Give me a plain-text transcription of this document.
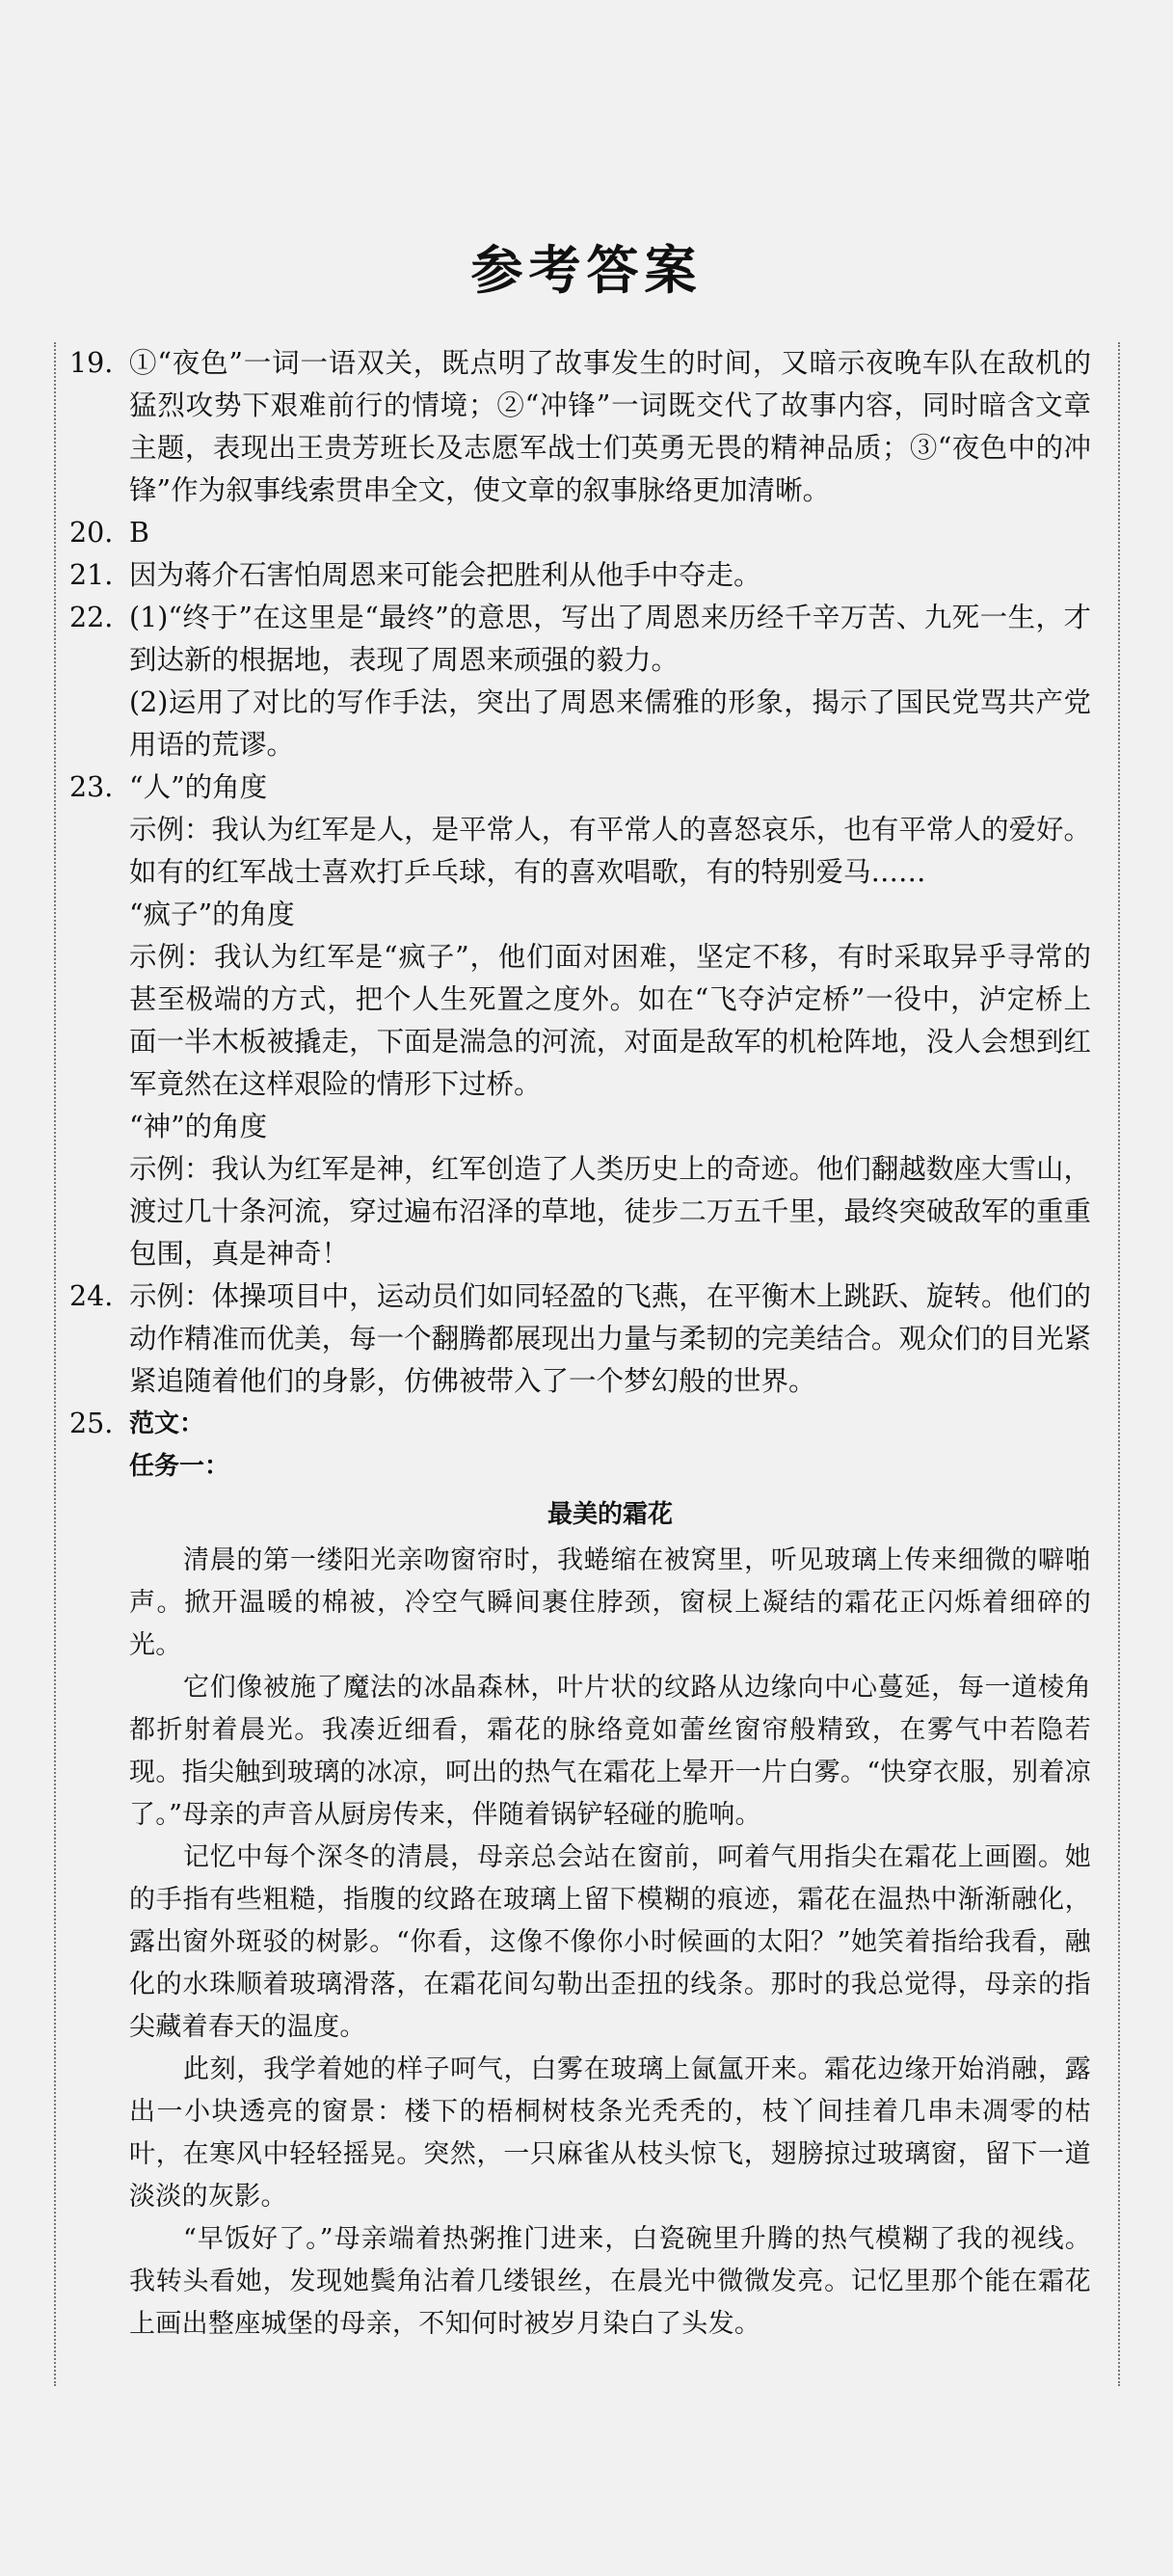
参考答案
19. ①“夜色”一词一语双关，既点明了故事发生的时间，又暗示夜晚车队在敌机的猛烈攻势下艰难前行的情境；②“冲锋”一词既交代了故事内容，同时暗含文章主题，表现出王贵芳班长及志愿军战士们英勇无畏的精神品质；③“夜色中的冲锋”作为叙事线索贯串全文，使文章的叙事脉络更加清晰。

20. B

21. 因为蒋介石害怕周恩来可能会把胜利从他手中夺走。

22. (1)“终于”在这里是“最终”的意思，写出了周恩来历经千辛万苦、九死一生，才到达新的根据地，表现了周恩来顽强的毅力。

(2)运用了对比的写作手法，突出了周恩来儒雅的形象，揭示了国民党骂共产党用语的荒谬。

23. “人”的角度

示例：我认为红军是人，是平常人，有平常人的喜怒哀乐，也有平常人的爱好。如有的红军战士喜欢打乒乓球，有的喜欢唱歌，有的特别爱马……

“疯子”的角度

示例：我认为红军是“疯子”，他们面对困难，坚定不移，有时采取异乎寻常的甚至极端的方式，把个人生死置之度外。如在“飞夺泸定桥”一役中，泸定桥上面一半木板被撬走，下面是湍急的河流，对面是敌军的机枪阵地，没人会想到红军竟然在这样艰险的情形下过桥。

“神”的角度

示例：我认为红军是神，红军创造了人类历史上的奇迹。他们翻越数座大雪山，渡过几十条河流，穿过遍布沼泽的草地，徒步二万五千里，最终突破敌军的重重包围，真是神奇！

24. 示例：体操项目中，运动员们如同轻盈的飞燕，在平衡木上跳跃、旋转。他们的动作精准而优美，每一个翻腾都展现出力量与柔韧的完美结合。观众们的目光紧紧追随着他们的身影，仿佛被带入了一个梦幻般的世界。

25. 范文：

任务一：

最美的霜花

清晨的第一缕阳光亲吻窗帘时，我蜷缩在被窝里，听见玻璃上传来细微的噼啪声。掀开温暖的棉被，冷空气瞬间裹住脖颈，窗棂上凝结的霜花正闪烁着细碎的光。

它们像被施了魔法的冰晶森林，叶片状的纹路从边缘向中心蔓延，每一道棱角都折射着晨光。我凑近细看，霜花的脉络竟如蕾丝窗帘般精致，在雾气中若隐若现。指尖触到玻璃的冰凉，呵出的热气在霜花上晕开一片白雾。“快穿衣服，别着凉了。”母亲的声音从厨房传来，伴随着锅铲轻碰的脆响。

记忆中每个深冬的清晨，母亲总会站在窗前，呵着气用指尖在霜花上画圈。她的手指有些粗糙，指腹的纹路在玻璃上留下模糊的痕迹，霜花在温热中渐渐融化，露出窗外斑驳的树影。“你看，这像不像你小时候画的太阳？”她笑着指给我看，融化的水珠顺着玻璃滑落，在霜花间勾勒出歪扭的线条。那时的我总觉得，母亲的指尖藏着春天的温度。

此刻，我学着她的样子呵气，白雾在玻璃上氤氲开来。霜花边缘开始消融，露出一小块透亮的窗景：楼下的梧桐树枝条光秃秃的，枝丫间挂着几串未凋零的枯叶，在寒风中轻轻摇晃。突然，一只麻雀从枝头惊飞，翅膀掠过玻璃窗，留下一道淡淡的灰影。

“早饭好了。”母亲端着热粥推门进来，白瓷碗里升腾的热气模糊了我的视线。我转头看她，发现她鬓角沾着几缕银丝，在晨光中微微发亮。记忆里那个能在霜花上画出整座城堡的母亲，不知何时被岁月染白了头发。
